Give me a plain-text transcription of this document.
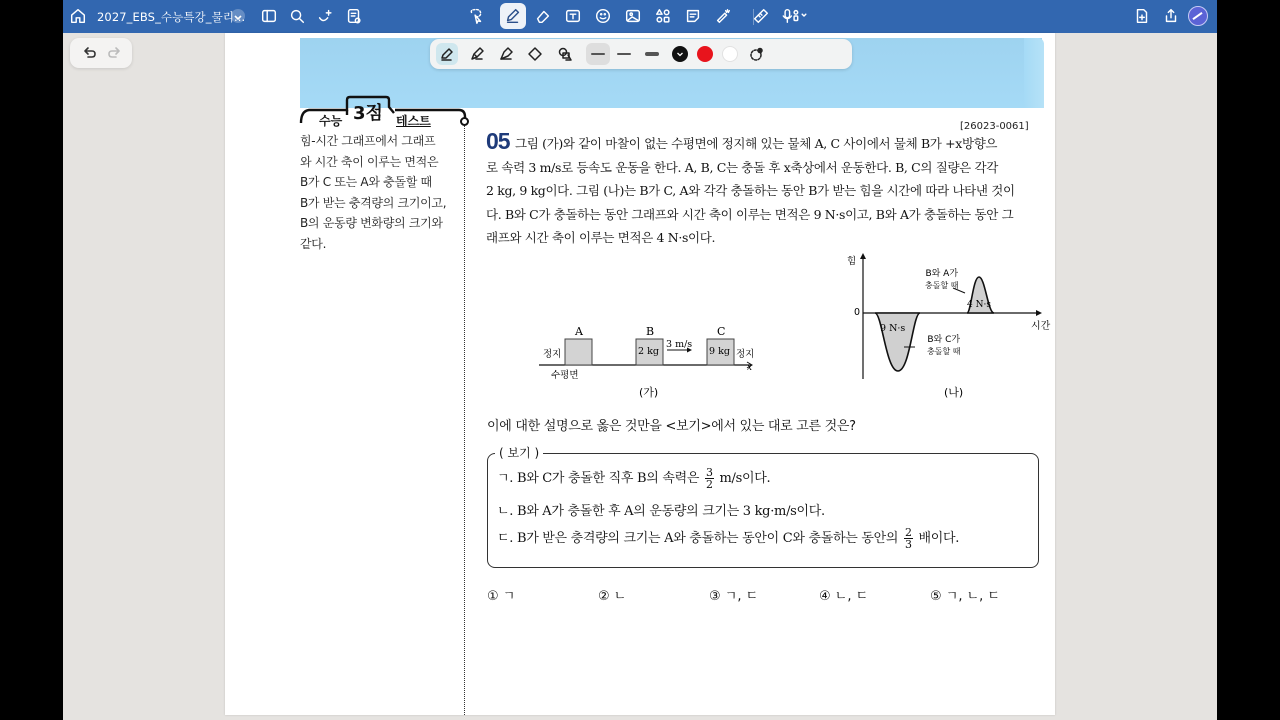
2027_EBS_수능특강_물리...
수능 3점 테스트
힘-시간 그래프에서 그래프
와 시간 축이 이루는 면적은
B가 C 또는 A와 충돌할 때
B가 받는 충격량의 크기이고,
B의 운동량 변화량의 크기와
같다.
[26023-0061]
05 그림 (가)와 같이 마찰이 없는 수평면에 정지해 있는 물체 A, C 사이에서 물체 B가 +x방향으
로 속력 3 m/s로 등속도 운동을 한다. A, B, C는 충돌 후 x축상에서 운동한다. B, C의 질량은 각각
2 kg, 9 kg이다. 그림 (나)는 B가 C, A와 각각 충돌하는 동안 B가 받는 힘을 시간에 따라 나타낸 것이
다. B와 C가 충돌하는 동안 그래프와 시간 축이 이루는 면적은 9 N·s이고, B와 A가 충돌하는 동안 그
래프와 시간 축이 이루는 면적은 4 N·s이다.
A	B	C
정지	2 kg
3 m/s
9 kg 정지
수평면
x
(가)
힘
0
시간
9 N·s
4 N·s
B와 A가
충돌할 때
B와 C가
충돌할 때
(나)
이에 대한 설명으로 옳은 것만을 <보기>에서 있는 대로 고른 것은?
( 보기 )
ㄱ. B와 C가 충돌한 직후 B의 속력은 $\frac{3}{2} m/s$이다.
ㄴ. B와 A가 충돌한 후 A의 운동량의 크기는 3 kg·m/s이다.
ㄷ. B가 받은 충격량의 크기는 A와 충돌하는 동안이 C와 충돌하는 동안의 $\frac{2}{3}$ 배이다.
① ㄱ	② ㄴ	③ ㄱ, ㄷ	④ ㄴ, ㄷ	⑤ ㄱ, ㄴ, ㄷ
